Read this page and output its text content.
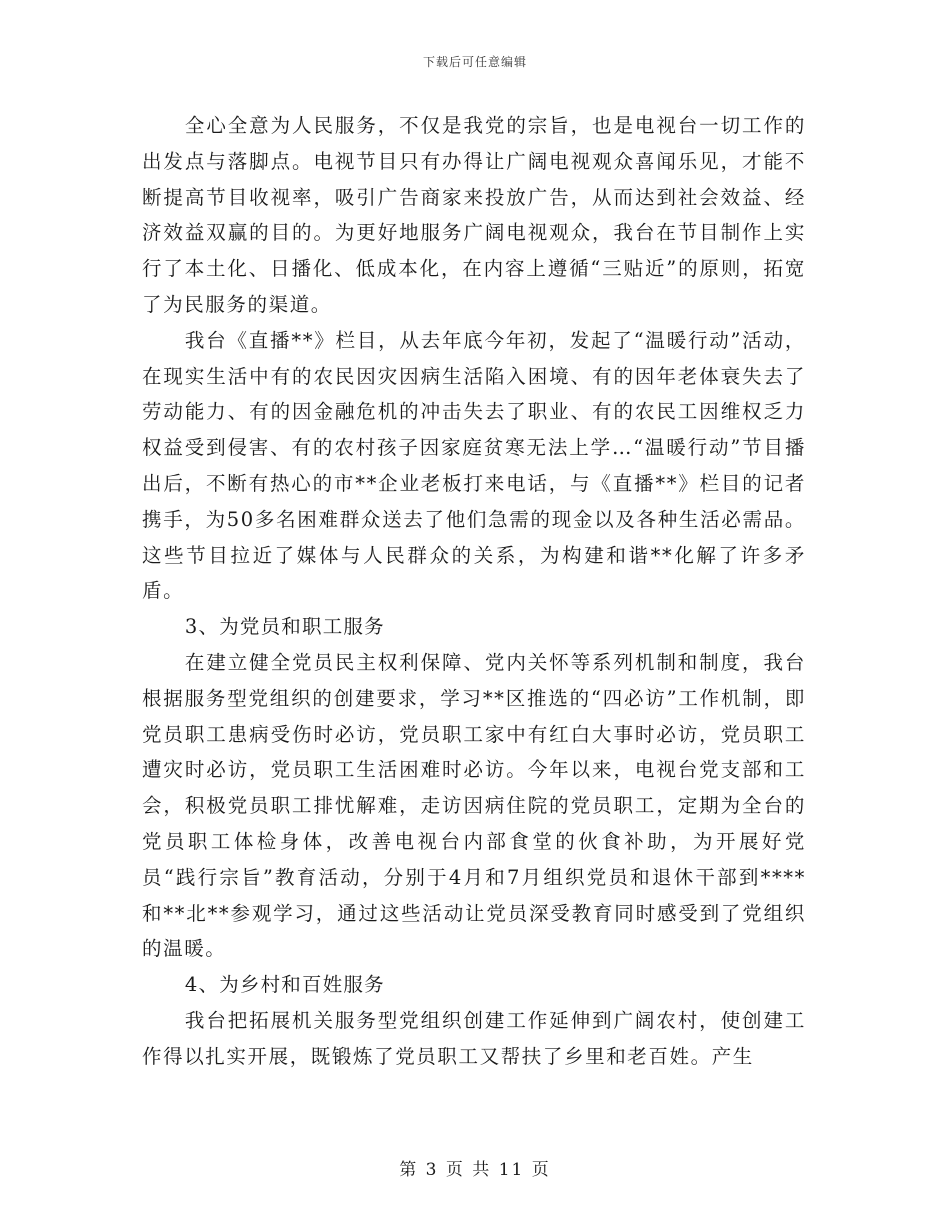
下载后可任意编辑

全心全意为人民服务，不仅是我党的宗旨，也是电视台一切工作的出发点与落脚点。电视节目只有办得让广阔电视观众喜闻乐见，才能不断提高节目收视率，吸引广告商家来投放广告，从而达到社会效益、经济效益双赢的目的。为更好地服务广阔电视观众，我台在节目制作上实行了本土化、日播化、低成本化，在内容上遵循“三贴近”的原则，拓宽了为民服务的渠道。

我台《直播**》栏目，从去年底今年初，发起了“温暖行动”活动，在现实生活中有的农民因灾因病生活陷入困境、有的因年老体衰失去了劳动能力、有的因金融危机的冲击失去了职业、有的农民工因维权乏力权益受到侵害、有的农村孩子因家庭贫寒无法上学…“温暖行动”节目播出后，不断有热心的市**企业老板打来电话，与《直播**》栏目的记者携手，为50多名困难群众送去了他们急需的现金以及各种生活必需品。这些节目拉近了媒体与人民群众的关系，为构建和谐**化解了许多矛盾。

3、为党员和职工服务

在建立健全党员民主权利保障、党内关怀等系列机制和制度，我台根据服务型党组织的创建要求，学习**区推选的“四必访”工作机制，即党员职工患病受伤时必访，党员职工家中有红白大事时必访，党员职工遭灾时必访，党员职工生活困难时必访。今年以来，电视台党支部和工会，积极党员职工排忧解难，走访因病住院的党员职工，定期为全台的党员职工体检身体，改善电视台内部食堂的伙食补助，为开展好党员“践行宗旨”教育活动，分别于4月和7月组织党员和退休干部到****和**北**参观学习，通过这些活动让党员深受教育同时感受到了党组织的温暖。

4、为乡村和百姓服务

我台把拓展机关服务型党组织创建工作延伸到广阔农村，使创建工作得以扎实开展，既锻炼了党员职工又帮扶了乡里和老百姓。产生

第 3 页 共 11 页
